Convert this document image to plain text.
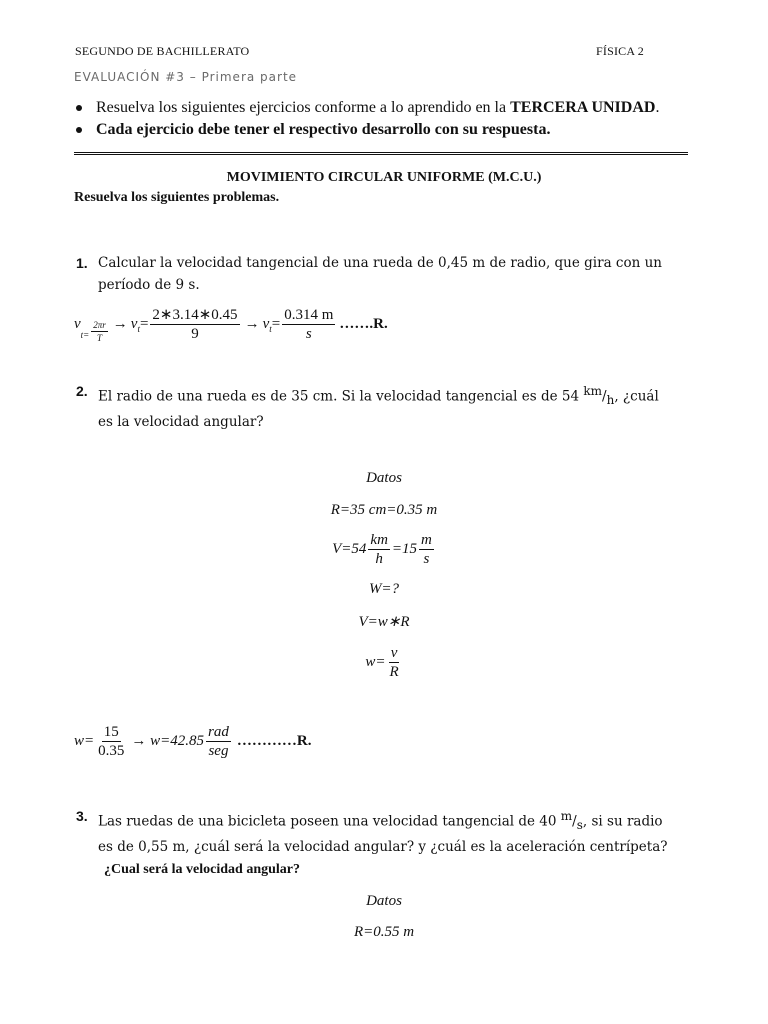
SEGUNDO DE BACHILLERATO	FÍSICA 2
EVALUACIÓN #3 – Primera parte
Resuelva los siguientes ejercicios conforme a lo aprendido en la TERCERA UNIDAD.
Cada ejercicio debe tener el respectivo desarrollo con su respuesta.
MOVIMIENTO CIRCULAR UNIFORME (M.C.U.)
Resuelva los siguientes problemas.
1. Calcular la velocidad tangencial de una rueda de 0,45 m de radio, que gira con un período de 9 s.
v
$t= \frac{2\pi r}{T} \to v$ $t = \frac{2∗3.14∗0.45}{9} \to v$ $t = \frac{0.314 m}{s}$ …….R.
2. El radio de una rueda es de 35 cm. Si la velocidad tangencial es de 54 $^{km}/_h$, ¿cuál es la velocidad angular?
Datos
R=35 cm=0.35 m
$V=54 \frac{km}{h} =15 \frac{m}{s}$
W=?
V=w∗R
$w= \frac{v}{R}$
$w= \frac{15}{0.35} \to w=42.85 \frac{\text{rad}}{\text{seg}}$ …………R.
3. Las ruedas de una bicicleta poseen una velocidad tangencial de 40 $^m/_s$, si su radio es de 0,55 m, ¿cuál será la velocidad angular? y ¿cuál es la aceleración centrípeta?
¿Cual será la velocidad angular?
Datos
R=0.55 m
